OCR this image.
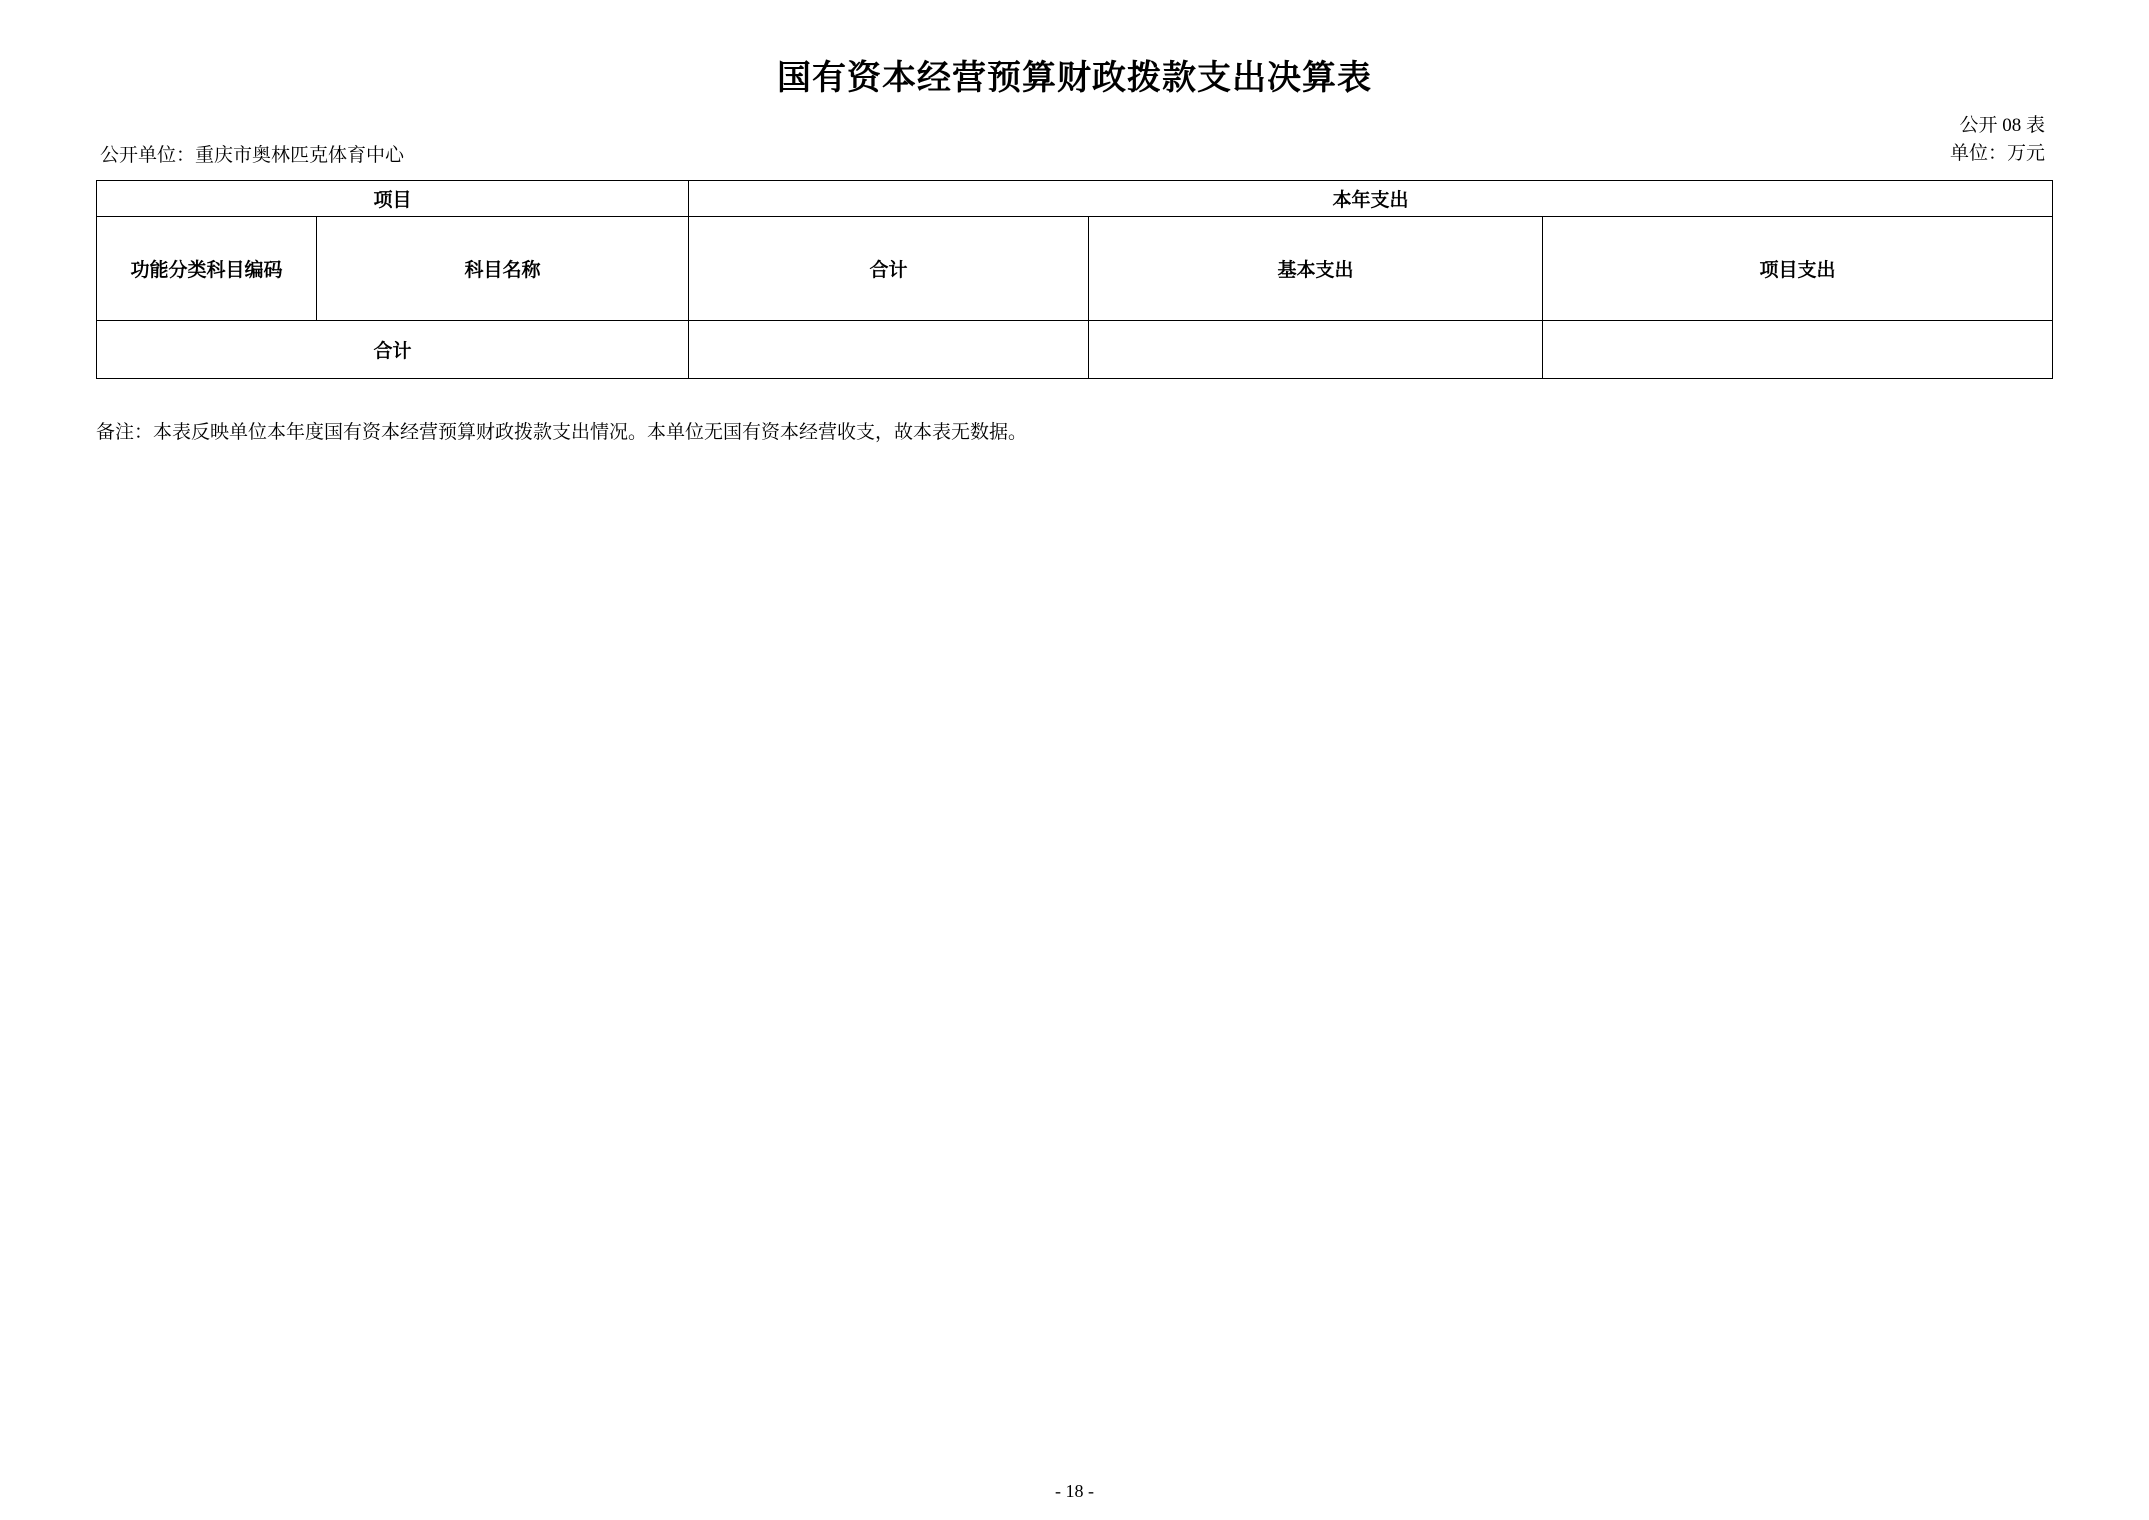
国有资本经营预算财政拨款支出决算表
公开 08 表
单位：万元
公开单位：重庆市奥林匹克体育中心
项目		本年支出		
功能分类科目编码	科目名称	合计	基本支出	项目支出
合计				
备注：本表反映单位本年度国有资本经营预算财政拨款支出情况。本单位无国有资本经营收支，故本表无数据。
- 18 -
